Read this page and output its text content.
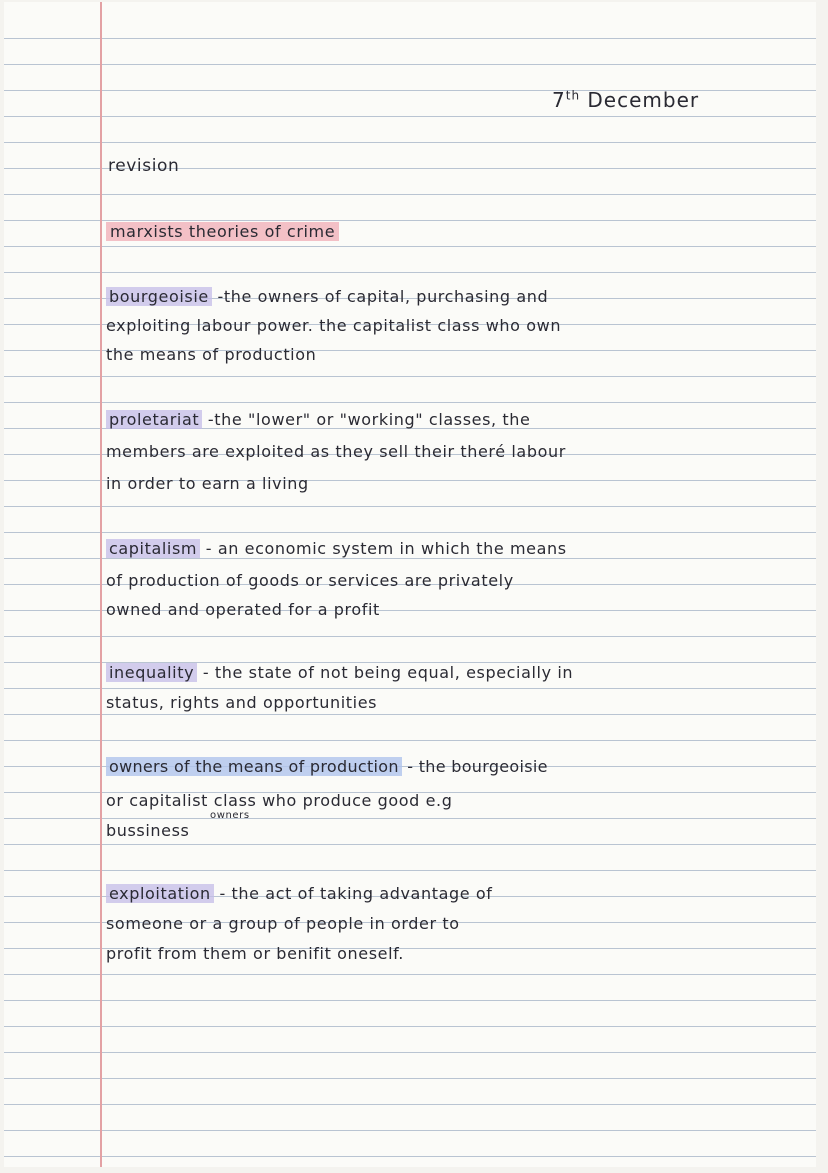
7th December
revision
marxists theories of crime
bourgeoisie -the owners of capital, purchasing and
exploiting labour power. the capitalist class who own
the means of production
proletariat -the "lower" or "working" classes, the
members are exploited as they sell their theré labour
in order to earn a living
capitalism - an economic system in which the means
of production of goods or services are privately
owned and operated for a profit
inequality - the state of not being equal, especially in
status, rights and opportunities
owners of the means of production - the bourgeoisie
or capitalist class who produce good e.g
owners
bussiness
exploitation - the act of taking advantage of
someone or a group of people in order to
profit from them or benifit oneself.
